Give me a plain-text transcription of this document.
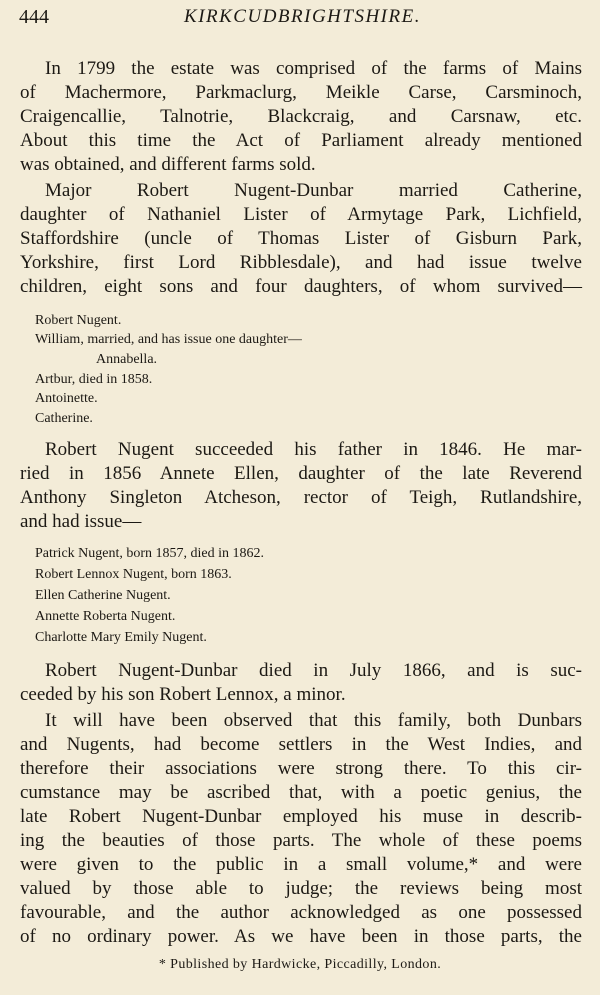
444	KIRKCUDBRIGHTSHIRE.
In 1799 the estate was comprised of the farms of Mains
of Machermore, Parkmaclurg, Meikle Carse, Carsminoch,
Craigencallie, Talnotrie, Blackcraig, and Carsnaw, etc.
About this time the Act of Parliament already mentioned
was obtained, and different farms sold.
Major Robert Nugent-Dunbar married Catherine,
daughter of Nathaniel Lister of Armytage Park, Lichfield,
Staffordshire (uncle of Thomas Lister of Gisburn Park,
Yorkshire, first Lord Ribblesdale), and had issue twelve
children, eight sons and four daughters, of whom survived—
Robert Nugent.
William, married, and has issue one daughter—
Annabella.
Artbur, died in 1858.
Antoinette.
Catherine.
Robert Nugent succeeded his father in 1846. He mar-
ried in 1856 Annete Ellen, daughter of the late Reverend
Anthony Singleton Atcheson, rector of Teigh, Rutlandshire,
and had issue—
Patrick Nugent, born 1857, died in 1862.
Robert Lennox Nugent, born 1863.
Ellen Catherine Nugent.
Annette Roberta Nugent.
Charlotte Mary Emily Nugent.
Robert Nugent-Dunbar died in July 1866, and is suc-
ceeded by his son Robert Lennox, a minor.
It will have been observed that this family, both Dunbars
and Nugents, had become settlers in the West Indies, and
therefore their associations were strong there. To this cir-
cumstance may be ascribed that, with a poetic genius, the
late Robert Nugent-Dunbar employed his muse in describ-
ing the beauties of those parts. The whole of these poems
were given to the public in a small volume,* and were
valued by those able to judge; the reviews being most
favourable, and the author acknowledged as one possessed
of no ordinary power. As we have been in those parts, the
* Published by Hardwicke, Piccadilly, London.
